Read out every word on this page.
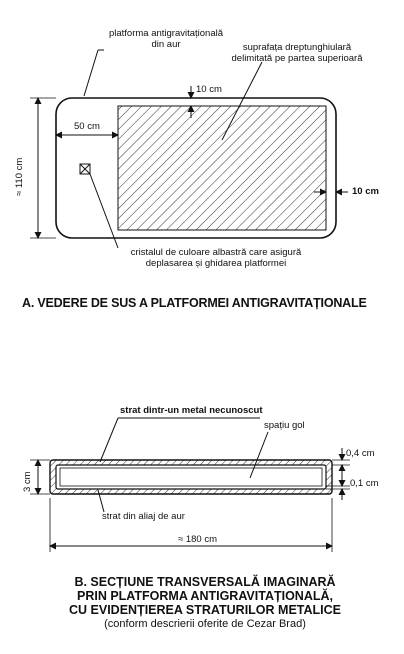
platforma antigravitațională
din aur	suprafața dreptunghiulară
delimitată pe partea superioară
10 cm
50 cm
≈ 110 cm	10 cm
cristalul de culoare albastră care asigură
deplasarea și ghidarea platformei
A. VEDERE DE SUS A PLATFORMEI ANTIGRAVITAȚIONALE
strat dintr-un metal necunoscut
spațiu gol
0,4 cm
3 cm	0,1 cm
strat din aliaj de aur
≈ 180 cm
B. SECȚIUNE TRANSVERSALĂ IMAGINARĂ
PRIN PLATFORMA ANTIGRAVITAȚIONALĂ,
CU EVIDENȚIEREA STRATURILOR METALICE
(conform descrierii oferite de Cezar Brad)
